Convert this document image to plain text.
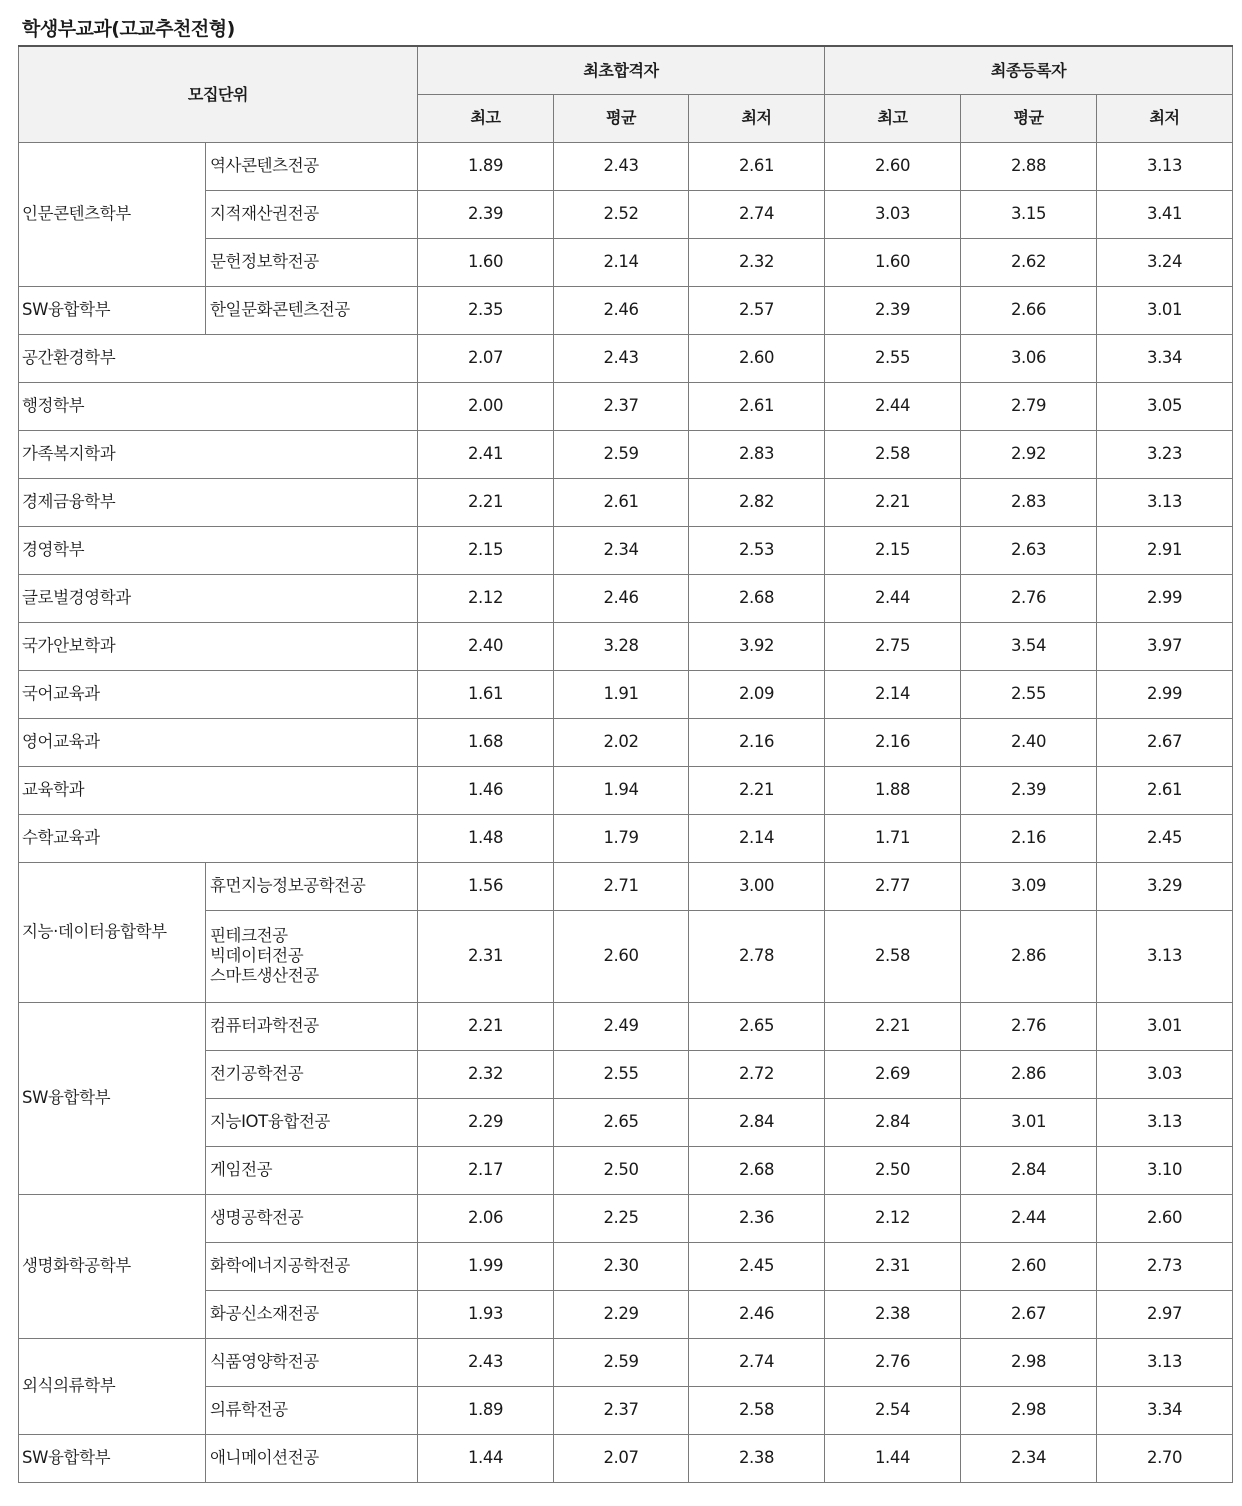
학생부교과(고교추천전형)
모집단위		최초합격자			최종등록자		
		최고	평균	최저	최고	평균	최저
인문콘텐츠학부	역사콘텐츠전공	1.89	2.43	2.61	2.60	2.88	3.13

	지적재산권전공	2.39	2.52	2.74	3.03	3.15	3.41

	문헌정보학전공	1.60	2.14	2.32	1.60	2.62	3.24
SW융합학부	한일문화콘텐츠전공	2.35	2.46	2.57	2.39	2.66	3.01
공간환경학부		2.07	2.43	2.60	2.55	3.06	3.34
행정학부		2.00	2.37	2.61	2.44	2.79	3.05
가족복지학과		2.41	2.59	2.83	2.58	2.92	3.23
경제금융학부		2.21	2.61	2.82	2.21	2.83	3.13
경영학부		2.15	2.34	2.53	2.15	2.63	2.91
글로벌경영학과		2.12	2.46	2.68	2.44	2.76	2.99
국가안보학과		2.40	3.28	3.92	2.75	3.54	3.97
국어교육과		1.61	1.91	2.09	2.14	2.55	2.99
영어교육과		1.68	2.02	2.16	2.16	2.40	2.67
교육학과		1.46	1.94	2.21	1.88	2.39	2.61
수학교육과		1.48	1.79	2.14	1.71	2.16	2.45
지능·데이터융합학부	휴먼지능정보공학전공	1.56	2.71	3.00	2.77	3.09	3.29

	핀테크전공
빅데이터전공
스마트생산전공	2.31	2.60	2.78	2.58	2.86	3.13
SW융합학부	컴퓨터과학전공	2.21	2.49	2.65	2.21	2.76	3.01

	전기공학전공	2.32	2.55	2.72	2.69	2.86	3.03

	지능IOT융합전공	2.29	2.65	2.84	2.84	3.01	3.13

	게임전공	2.17	2.50	2.68	2.50	2.84	3.10
생명화학공학부	생명공학전공	2.06	2.25	2.36	2.12	2.44	2.60

	화학에너지공학전공	1.99	2.30	2.45	2.31	2.60	2.73

	화공신소재전공	1.93	2.29	2.46	2.38	2.67	2.97
외식의류학부	식품영양학전공	2.43	2.59	2.74	2.76	2.98	3.13

	의류학전공	1.89	2.37	2.58	2.54	2.98	3.34
SW융합학부	애니메이션전공	1.44	2.07	2.38	1.44	2.34	2.70
